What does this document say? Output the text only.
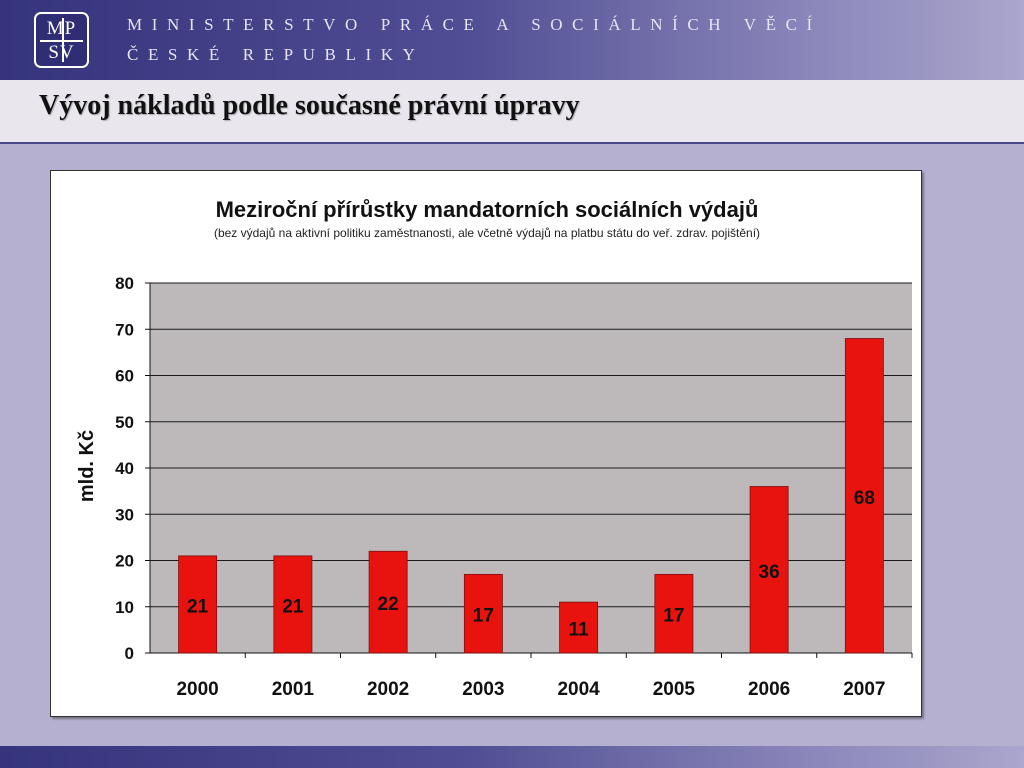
MP
SV
MINISTERSTVO PRÁCE A SOCIÁLNÍCH VĚCÍ
ČESKÉ REPUBLIKY
Vývoj nákladů podle současné právní úpravy
Meziroční přírůstky mandatorních sociálních výdajů
(bez výdajů na aktivní politiku zaměstnanosti, ale včetně výdajů na platbu státu do veř. zdrav. pojištění)
0
10
20
30
40
50
60
70
80
2000
21
2001
21
2002
22
2003
17
2004
11
2005
17
2006
36
2007
68
mld. Kč
